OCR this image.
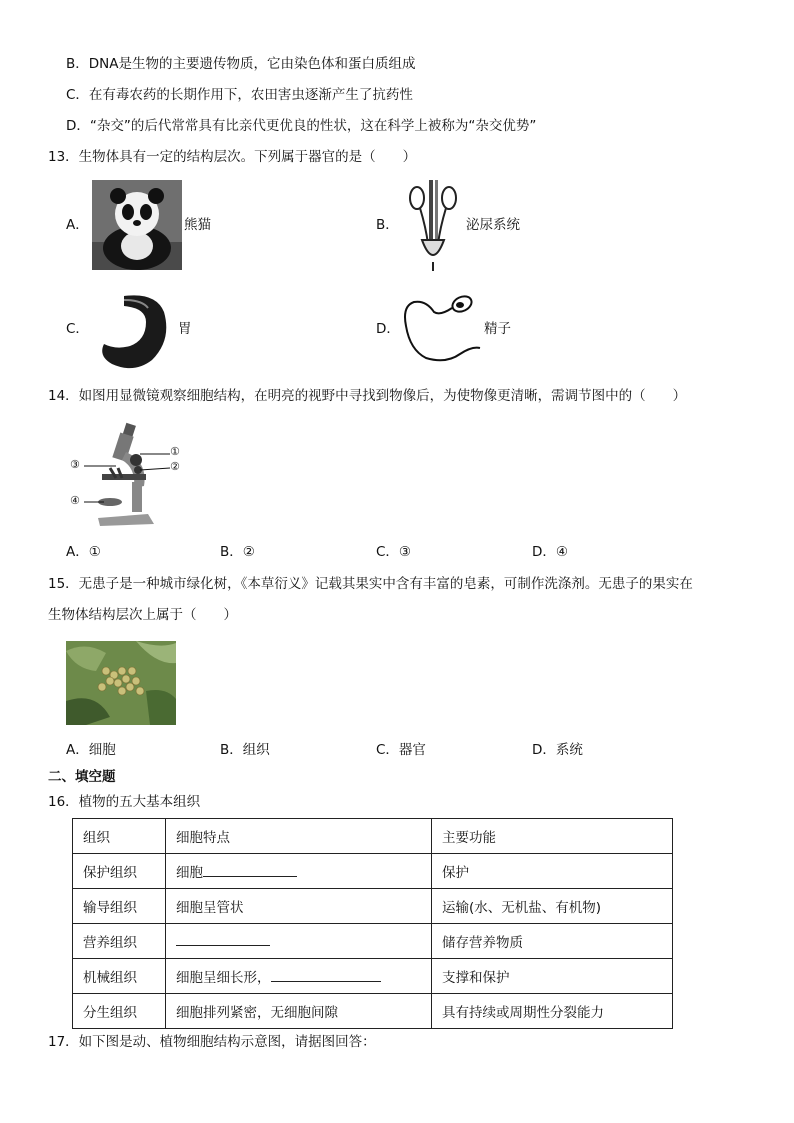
B．DNA是生物的主要遗传物质，它由染色体和蛋白质组成
C．在有毒农药的长期作用下，农田害虫逐渐产生了抗药性
D．“杂交”的后代常常具有比亲代更优良的性状，这在科学上被称为“杂交优势”
13．生物体具有一定的结构层次。下列属于器官的是（　　）
A．	熊猫	B．	泌尿系统
C．	胃	D．	精子
14．如图用显微镜观察细胞结构，在明亮的视野中寻找到物像后，为使物像更清晰，需调节图中的（　　）
①
②
③
④
A．①	B．②	C．③	D．④
15．无患子是一种城市绿化树，《本草衍义》记载其果实中含有丰富的皂素，可制作洗涤剂。无患子的果实在
生物体结构层次上属于（　　）
A．细胞	B．组织	C．器官	D．系统
二、填空题
16．植物的五大基本组织
组织	细胞特点	主要功能
保护组织	细胞	保护
输导组织	细胞呈管状	运输(水、无机盐、有机物)
营养组织		储存营养物质
机械组织	细胞呈细长形，	支撑和保护
分生组织	细胞排列紧密，无细胞间隙	具有持续或周期性分裂能力
17．如下图是动、植物细胞结构示意图，请据图回答：
